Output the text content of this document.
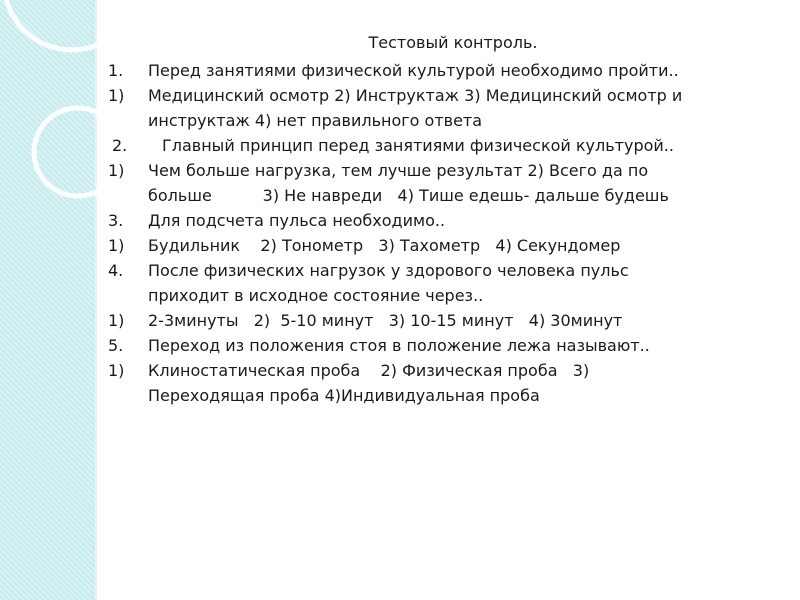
Тестовый контроль.
1.	Перед занятиями физической культурой необходимо пройти..
1)	Медицинский осмотр 2) Инструктаж 3) Медицинский осмотр и
инструктаж 4) нет правильного ответа
2.	Главный принцип перед занятиями физической культурой..
1)	Чем больше нагрузка, тем лучше результат 2) Всего да по
больше          3) Не навреди   4) Тише едешь- дальше будешь
3.	Для подсчета пульса необходимо..
1)	Будильник    2) Тонометр   3) Тахометр   4) Секундомер
4.	После физических нагрузок у здорового человека пульс
приходит в исходное состояние через..
1)	2-3минуты   2)  5-10 минут   3) 10-15 минут   4) 30минут
5.	Переход из положения стоя в положение лежа называют..
1)	Клиностатическая проба    2) Физическая проба   3)
Переходящая проба 4)Индивидуальная проба
